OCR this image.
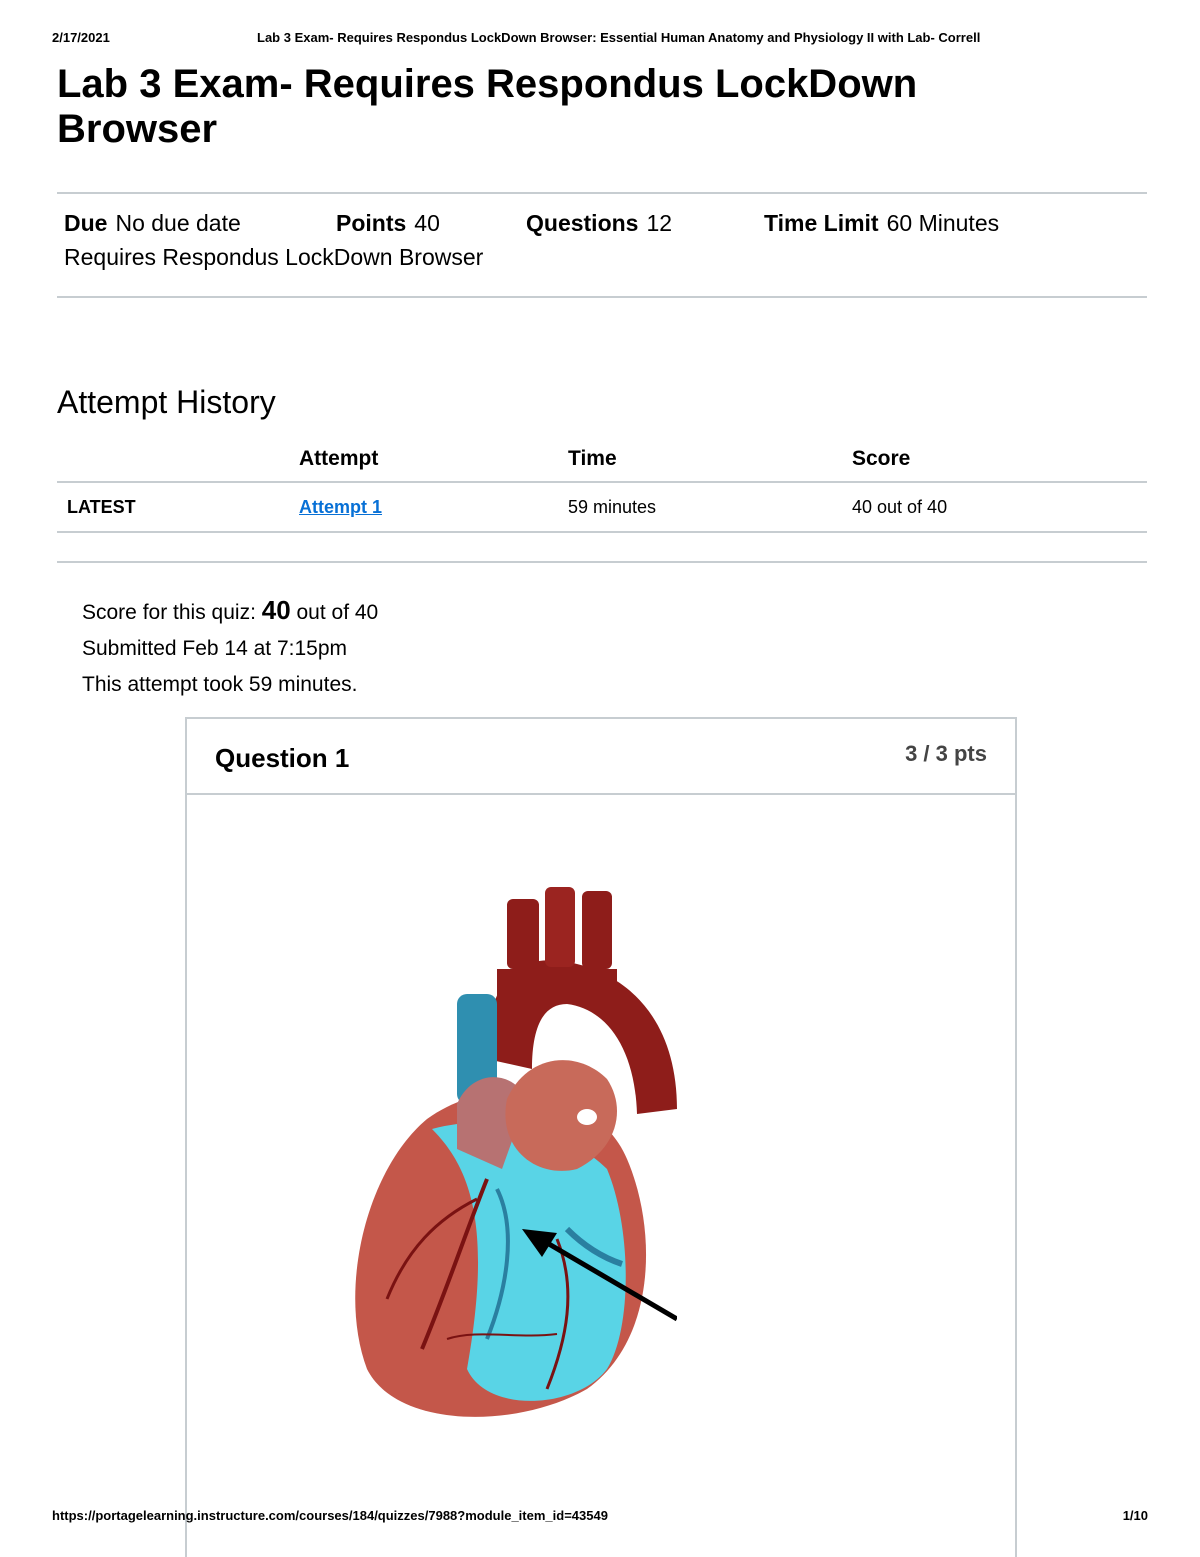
2/17/2021	Lab 3 Exam- Requires Respondus LockDown Browser: Essential Human Anatomy and Physiology II with Lab- Correll
Lab 3 Exam- Requires Respondus LockDown Browser
Due No due date	Points 40	Questions 12	Time Limit 60 Minutes
Requires Respondus LockDown Browser
Attempt History
	Attempt	Time	Score
LATEST	Attempt 1	59 minutes	40 out of 40
Score for this quiz: 40 out of 40
Submitted Feb 14 at 7:15pm
This attempt took 59 minutes.
Question 1	3 / 3 pts
https://portagelearning.instructure.com/courses/184/quizzes/7988?module_item_id=43549	1/10
